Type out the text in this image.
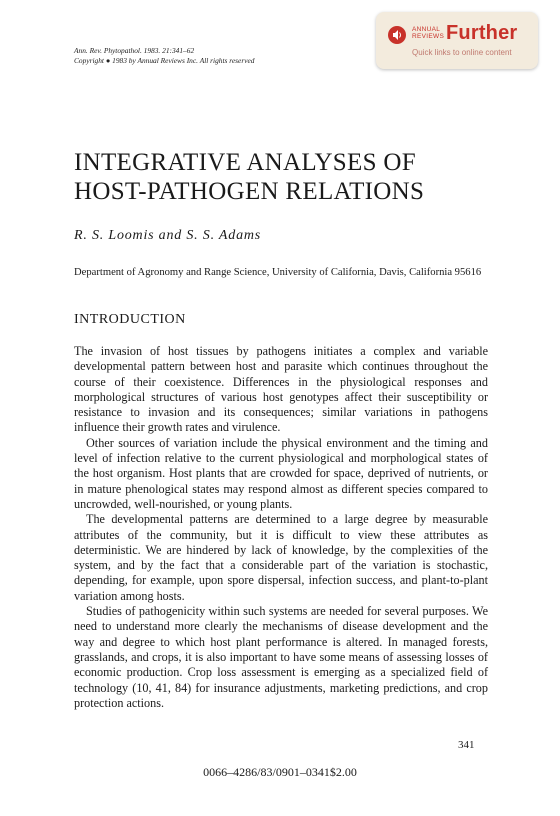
Ann. Rev. Phytopathol. 1983. 21:341–62
Copyright ● 1983 by Annual Reviews Inc. All rights reserved
ANNUAL
REVIEWS Further
Quick links to online content
INTEGRATIVE ANALYSES OF HOST-PATHOGEN RELATIONS

R. S. Loomis and S. S. Adams

Department of Agronomy and Range Science, University of California, Davis, California 95616

INTRODUCTION

The invasion of host tissues by pathogens initiates a complex and variable developmental pattern between host and parasite which continues throughout the course of their coexistence. Differences in the physiological responses and morphological structures of various host genotypes affect their susceptibility or resistance to invasion and its consequences; similar variations in pathogens influence their growth rates and virulence.

Other sources of variation include the physical environment and the timing and level of infection relative to the current physiological and morphological states of the host organism. Host plants that are crowded for space, deprived of nutrients, or in mature phenological states may respond almost as different species compared to uncrowded, well-nourished, or young plants.

The developmental patterns are determined to a large degree by measurable attributes of the community, but it is difficult to view these attributes as deterministic. We are hindered by lack of knowledge, by the complexities of the system, and by the fact that a considerable part of the variation is stochastic, depending, for example, upon spore dispersal, infection success, and plant-to-plant variation among hosts.

Studies of pathogenicity within such systems are needed for several purposes. We need to understand more clearly the mechanisms of disease development and the way and degree to which host plant performance is altered. In managed forests, grasslands, and crops, it is also important to have some means of assessing losses of economic production. Crop loss assessment is emerging as a specialized field of technology (10, 41, 84) for insurance adjustments, marketing predictions, and crop protection actions.

341
0066–4286/83/0901–0341$2.00
